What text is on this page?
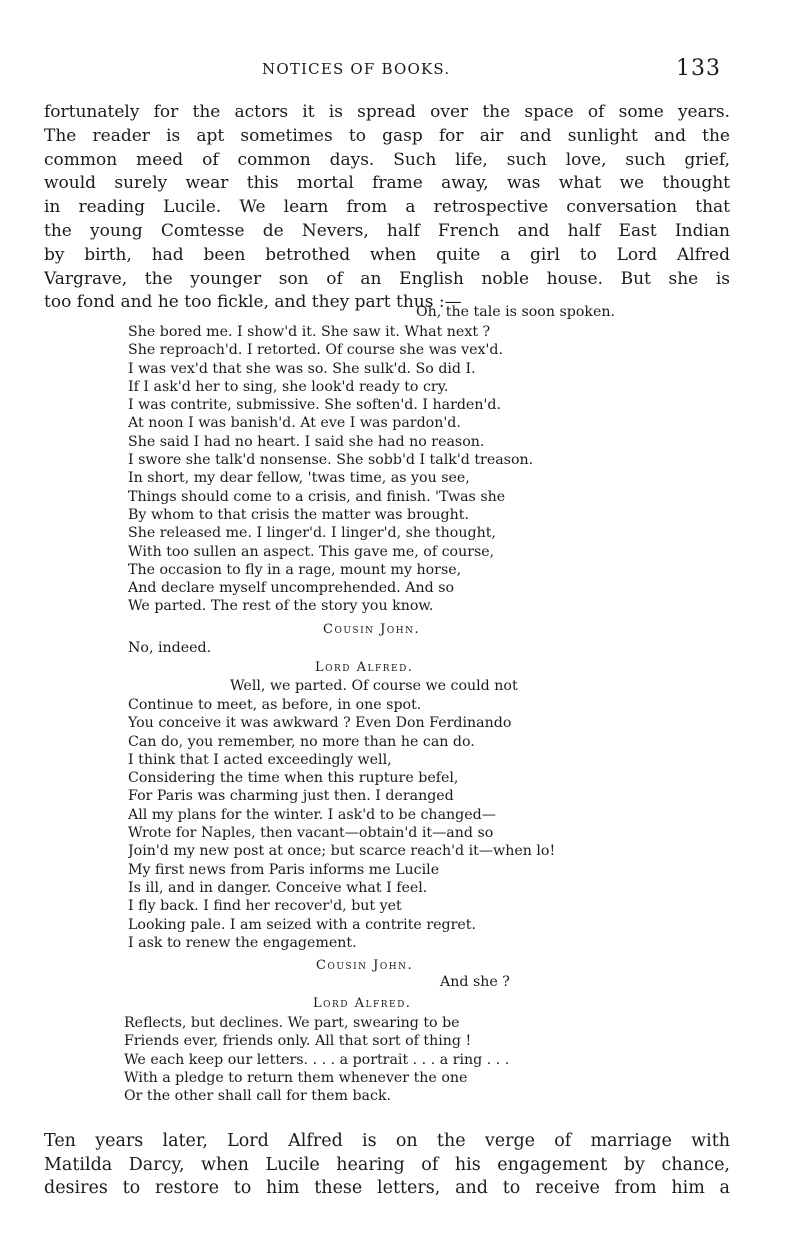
NOTICES OF BOOKS.	133
fortunately for the actors it is spread over the space of some years.
The reader is apt sometimes to gasp for air and sunlight and the
common meed of common days. Such life, such love, such grief,
would surely wear this mortal frame away, was what we thought
in reading Lucile. We learn from a retrospective conversation that
the young Comtesse de Nevers, half French and half East Indian
by birth, had been betrothed when quite a girl to Lord Alfred
Vargrave, the younger son of an English noble house. But she is
too fond and he too fickle, and they part thus :—
Oh, the tale is soon spoken.
She bored me. I show'd it. She saw it. What next ?
She reproach'd. I retorted. Of course she was vex'd.
I was vex'd that she was so. She sulk'd. So did I.
If I ask'd her to sing, she look'd ready to cry.
I was contrite, submissive. She soften'd. I harden'd.
At noon I was banish'd. At eve I was pardon'd.
She said I had no heart. I said she had no reason.
I swore she talk'd nonsense. She sobb'd I talk'd treason.
In short, my dear fellow, 'twas time, as you see,
Things should come to a crisis, and finish. 'Twas she
By whom to that crisis the matter was brought.
She released me. I linger'd. I linger'd, she thought,
With too sullen an aspect. This gave me, of course,
The occasion to fly in a rage, mount my horse,
And declare myself uncomprehended. And so
We parted. The rest of the story you know.
Cousin John.
No, indeed.
Lord Alfred.
Well, we parted. Of course we could not
Continue to meet, as before, in one spot.
You conceive it was awkward ? Even Don Ferdinando
Can do, you remember, no more than he can do.
I think that I acted exceedingly well,
Considering the time when this rupture befel,
For Paris was charming just then. I deranged
All my plans for the winter. I ask'd to be changed—
Wrote for Naples, then vacant—obtain'd it—and so
Join'd my new post at once; but scarce reach'd it—when lo!
My first news from Paris informs me Lucile
Is ill, and in danger. Conceive what I feel.
I fly back. I find her recover'd, but yet
Looking pale. I am seized with a contrite regret.
I ask to renew the engagement.
Cousin John.
And she ?
Lord Alfred.
Reflects, but declines. We part, swearing to be
Friends ever, friends only. All that sort of thing !
We each keep our letters. . . . a portrait . . . a ring . . .
With a pledge to return them whenever the one
Or the other shall call for them back.
Ten years later, Lord Alfred is on the verge of marriage with
Matilda Darcy, when Lucile hearing of his engagement by chance,
desires to restore to him these letters, and to receive from him a
